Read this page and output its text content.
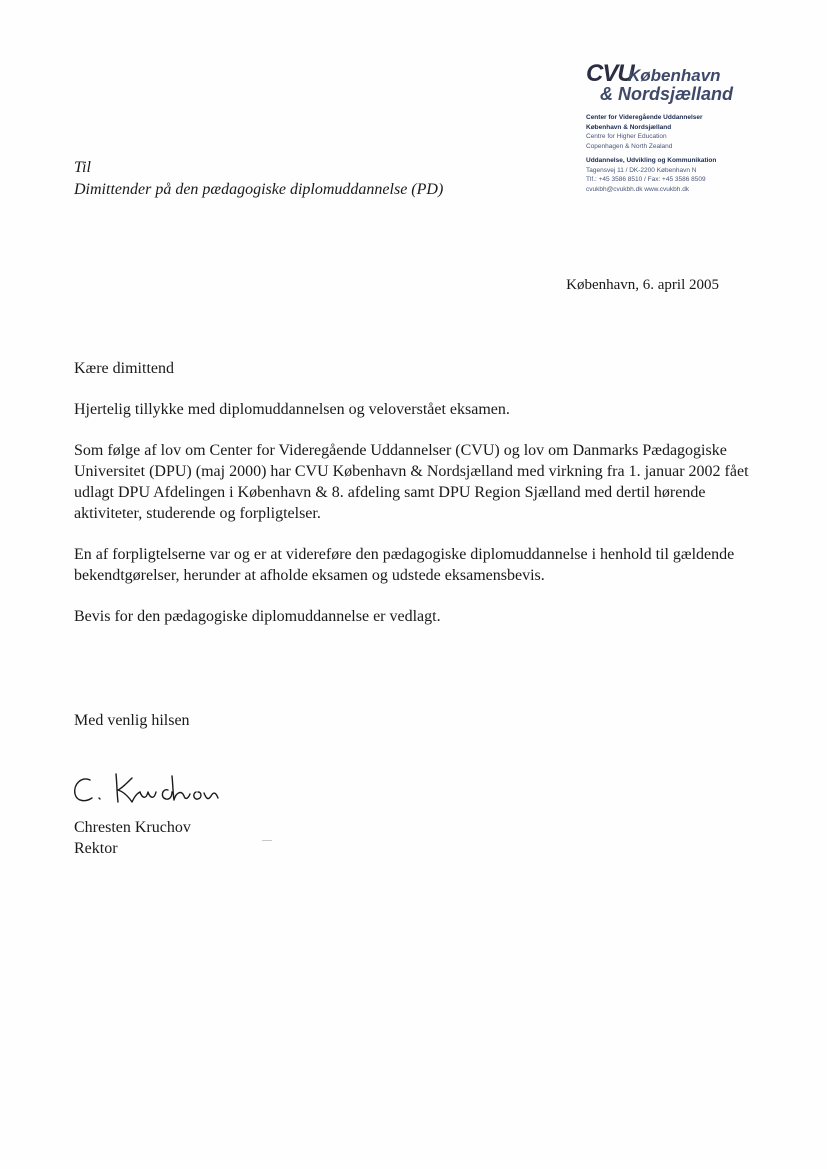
CVU
København
& Nordsjælland
Center for Videregående Uddannelser
København & Nordsjælland
Centre for Higher Education
Copenhagen & North Zealand
Uddannelse, Udvikling og Kommunikation
Tagensvej 11 / DK-2200 København N
Tlf.: +45 3586 8510 / Fax: +45 3586 8509
cvukbh@cvukbh.dk www.cvukbh.dk
Til
Dimittender på den pædagogiske diplomuddannelse (PD)
København, 6. april 2005

Kære dimittend

Hjertelig tillykke med diplomuddannelsen og veloverstået eksamen.

Som følge af lov om Center for Videregående Uddannelser (CVU) og lov om Danmarks Pædagogiske Universitet (DPU) (maj 2000) har CVU København & Nordsjælland med virkning fra 1. januar 2002 fået udlagt DPU Afdelingen i København & 8. afdeling samt DPU Region Sjælland med dertil hørende aktiviteter, studerende og forpligtelser.

En af forpligtelserne var og er at videreføre den pædagogiske diplomuddannelse i henhold til gældende bekendtgørelser, herunder at afholde eksamen og udstede eksamensbevis.

Bevis for den pædagogiske diplomuddannelse er vedlagt.

Med venlig hilsen
Chresten Kruchov
Rektor
